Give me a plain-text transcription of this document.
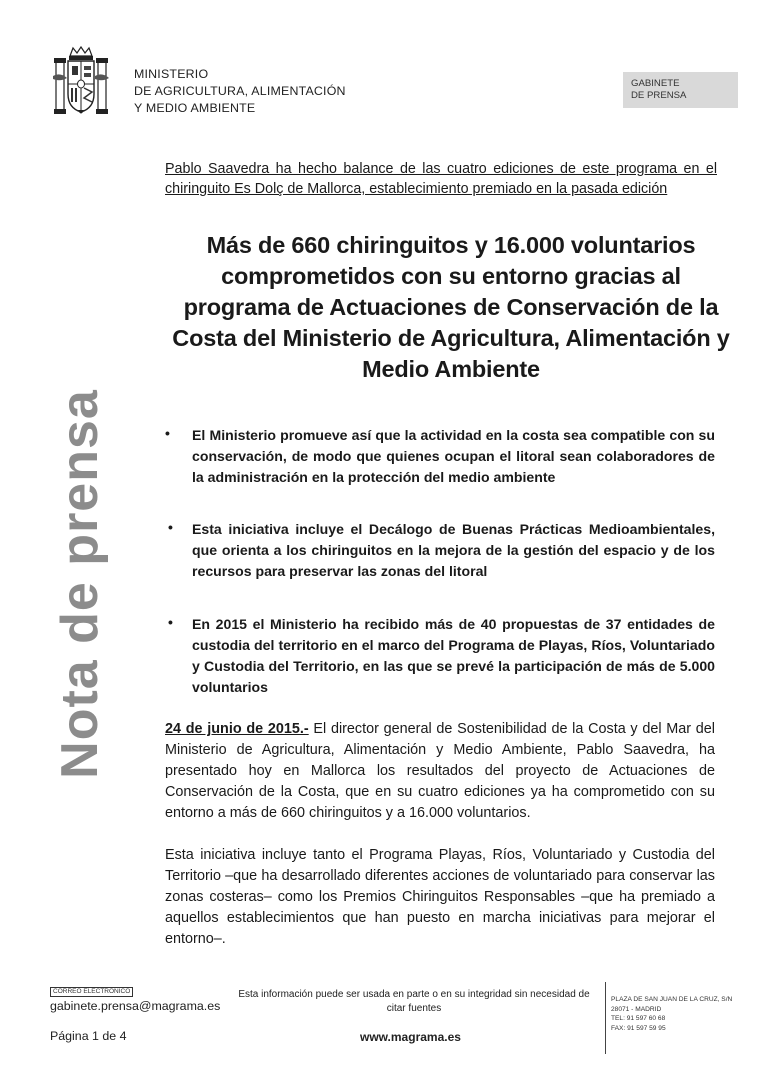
MINISTERIO
DE AGRICULTURA, ALIMENTACIÓN
Y MEDIO AMBIENTE
GABINETE
DE PRENSA
Nota de prensa
Pablo Saavedra ha hecho balance de las cuatro ediciones de este programa en el chiringuito Es Dolç de Mallorca, establecimiento premiado en la pasada edición
Más de 660 chiringuitos y 16.000 voluntarios comprometidos con su entorno gracias al programa de Actuaciones de Conservación de la Costa del Ministerio de Agricultura, Alimentación y Medio Ambiente
• El Ministerio promueve así que la actividad en la costa sea compatible con su conservación, de modo que quienes ocupan el litoral sean colaboradores de la administración en la protección del medio ambiente
• Esta iniciativa incluye el Decálogo de Buenas Prácticas Medioambientales, que orienta a los chiringuitos en la mejora de la gestión del espacio y de los recursos para preservar las zonas del litoral
• En 2015 el Ministerio ha recibido más de 40 propuestas de 37 entidades de custodia del territorio en el marco del Programa de Playas, Ríos, Voluntariado y Custodia del Territorio, en las que se prevé la participación de más de 5.000 voluntarios
24 de junio de 2015.- El director general de Sostenibilidad de la Costa y del Mar del Ministerio de Agricultura, Alimentación y Medio Ambiente, Pablo Saavedra, ha presentado hoy en Mallorca los resultados del proyecto de Actuaciones de Conservación de la Costa, que en su cuatro ediciones ya ha comprometido con su entorno a más de 660 chiringuitos y a 16.000 voluntarios.
Esta iniciativa incluye tanto el Programa Playas, Ríos, Voluntariado y Custodia del Territorio –que ha desarrollado diferentes acciones de voluntariado para conservar las zonas costeras– como los Premios Chiringuitos Responsables –que ha premiado a aquellos establecimientos que han puesto en marcha iniciativas para mejorar el entorno–.
CORREO ELECTRÓNICO
gabinete.prensa@magrama.es
Esta información puede ser usada en parte o en su integridad sin necesidad de citar fuentes
Página 1 de 4	www.magrama.es
PLAZA DE SAN JUAN DE LA CRUZ, S/N
28071 - MADRID
TEL: 91 597 60 68
FAX: 91 597 59 95
